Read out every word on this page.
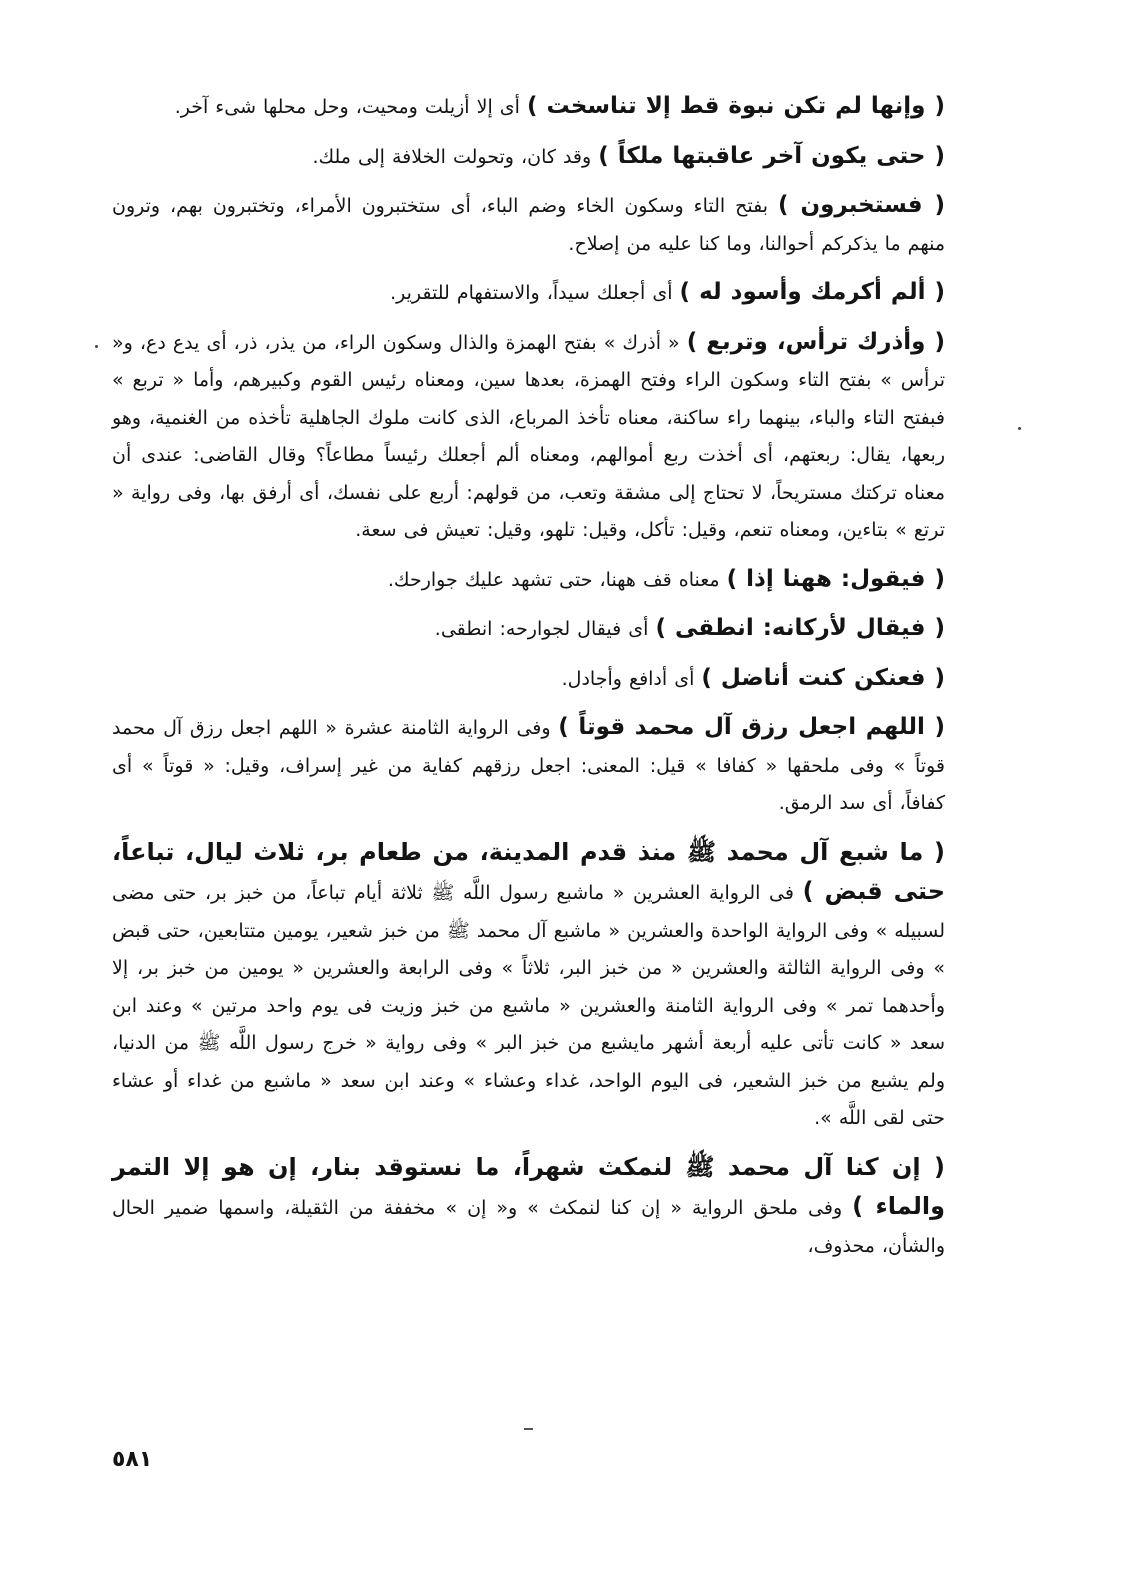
( وإنها لم تكن نبوة قط إلا تناسخت ) أى إلا أزيلت ومحيت، وحل محلها شىء آخر.

( حتى يكون آخر عاقبتها ملكاً ) وقد كان، وتحولت الخلافة إلى ملك.

( فستخبرون ) بفتح التاء وسكون الخاء وضم الباء، أى ستختبرون الأمراء، وتختبرون بهم، وترون منهم ما يذكركم أحوالنا، وما كنا عليه من إصلاح.

( ألم أكرمك وأسود له ) أى أجعلك سيداً، والاستفهام للتقرير.

( وأذرك ترأس، وتربع ) « أذرك » بفتح الهمزة والذال وسكون الراء، من يذر، ذر، أى يدع دع، و« ترأس » بفتح التاء وسكون الراء وفتح الهمزة، بعدها سين، ومعناه رئيس القوم وكبيرهم، وأما « تربع » فبفتح التاء والباء، بينهما راء ساكنة، معناه تأخذ المرباع، الذى كانت ملوك الجاهلية تأخذه من الغنمية، وهو ربعها، يقال: ربعتهم، أى أخذت ربع أموالهم، ومعناه ألم أجعلك رئيساً مطاعاً؟ وقال القاضى: عندى أن معناه تركتك مستريحاً، لا تحتاج إلى مشقة وتعب، من قولهم: أربع على نفسك، أى أرفق بها، وفى رواية « ترتع » بتاءين، ومعناه تنعم، وقيل: تأكل، وقيل: تلهو، وقيل: تعيش فى سعة.

( فيقول: ههنا إذا ) معناه قف ههنا، حتى تشهد عليك جوارحك.

( فيقال لأركانه: انطقى ) أى فيقال لجوارحه: انطقى.

( فعنكن كنت أناضل ) أى أدافع وأجادل.

( اللهم اجعل رزق آل محمد قوتاً ) وفى الرواية الثامنة عشرة « اللهم اجعل رزق آل محمد قوتاً » وفى ملحقها « كفافا » قيل: المعنى: اجعل رزقهم كفاية من غير إسراف، وقيل: « قوتاً » أى كفافاً، أى سد الرمق.

( ما شبع آل محمد ﷺ منذ قدم المدينة، من طعام بر، ثلاث ليال، تباعاً، حتى قبض ) فى الرواية العشرين « ماشبع رسول اللَّه ﷺ ثلاثة أيام تباعاً، من خبز بر، حتى مضى لسبيله » وفى الرواية الواحدة والعشرين « ماشبع آل محمد ﷺ من خبز شعير، يومين متتابعين، حتى قبض » وفى الرواية الثالثة والعشرين « من خبز البر، ثلاثاً » وفى الرابعة والعشرين « يومين من خبز بر، إلا وأحدهما تمر » وفى الرواية الثامنة والعشرين « ماشبع من خبز وزيت فى يوم واحد مرتين » وعند ابن سعد « كانت تأتى عليه أربعة أشهر مايشبع من خبز البر » وفى رواية « خرج رسول اللَّه ﷺ من الدنيا، ولم يشبع من خبز الشعير، فى اليوم الواحد، غداء وعشاء » وعند ابن سعد « ماشبع من غداء أو عشاء حتى لقى اللَّه ».

( إن كنا آل محمد ﷺ لنمكث شهراً، ما نستوقد بنار، إن هو إلا التمر والماء ) وفى ملحق الرواية « إن كنا لنمكث » و« إن » مخففة من الثقيلة، واسمها ضمير الحال والشأن، محذوف،

٥٨١
